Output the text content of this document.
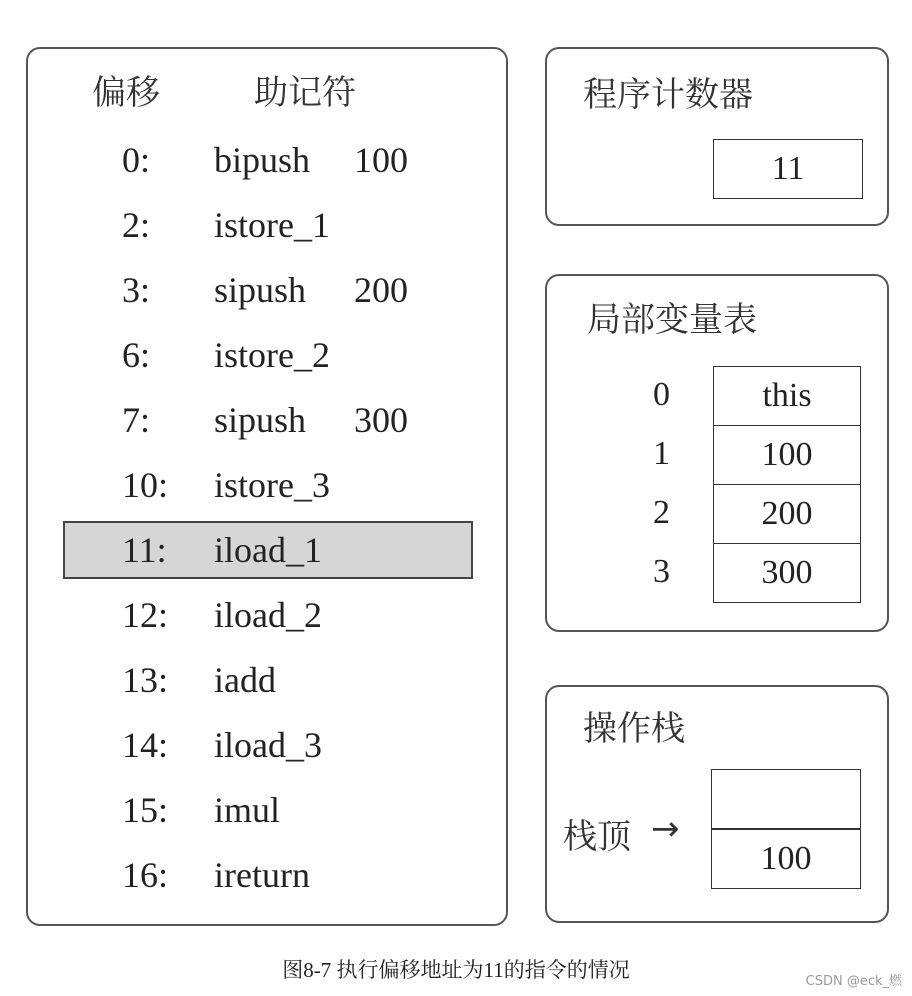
偏移	助记符
0: bipush 100
2: istore_1
3: sipush 200
6: istore_2
7: sipush 300
10: istore_3
11: iload_1
12: iload_2
13: iadd
14: iload_3
15: imul
16: ireturn
程序计数器
11
局部变量表
0	this
1	100
2	200
3	300
操作栈
栈顶 →
100
图8-7 执行偏移地址为11的指令的情况	CSDN @eck_燃
